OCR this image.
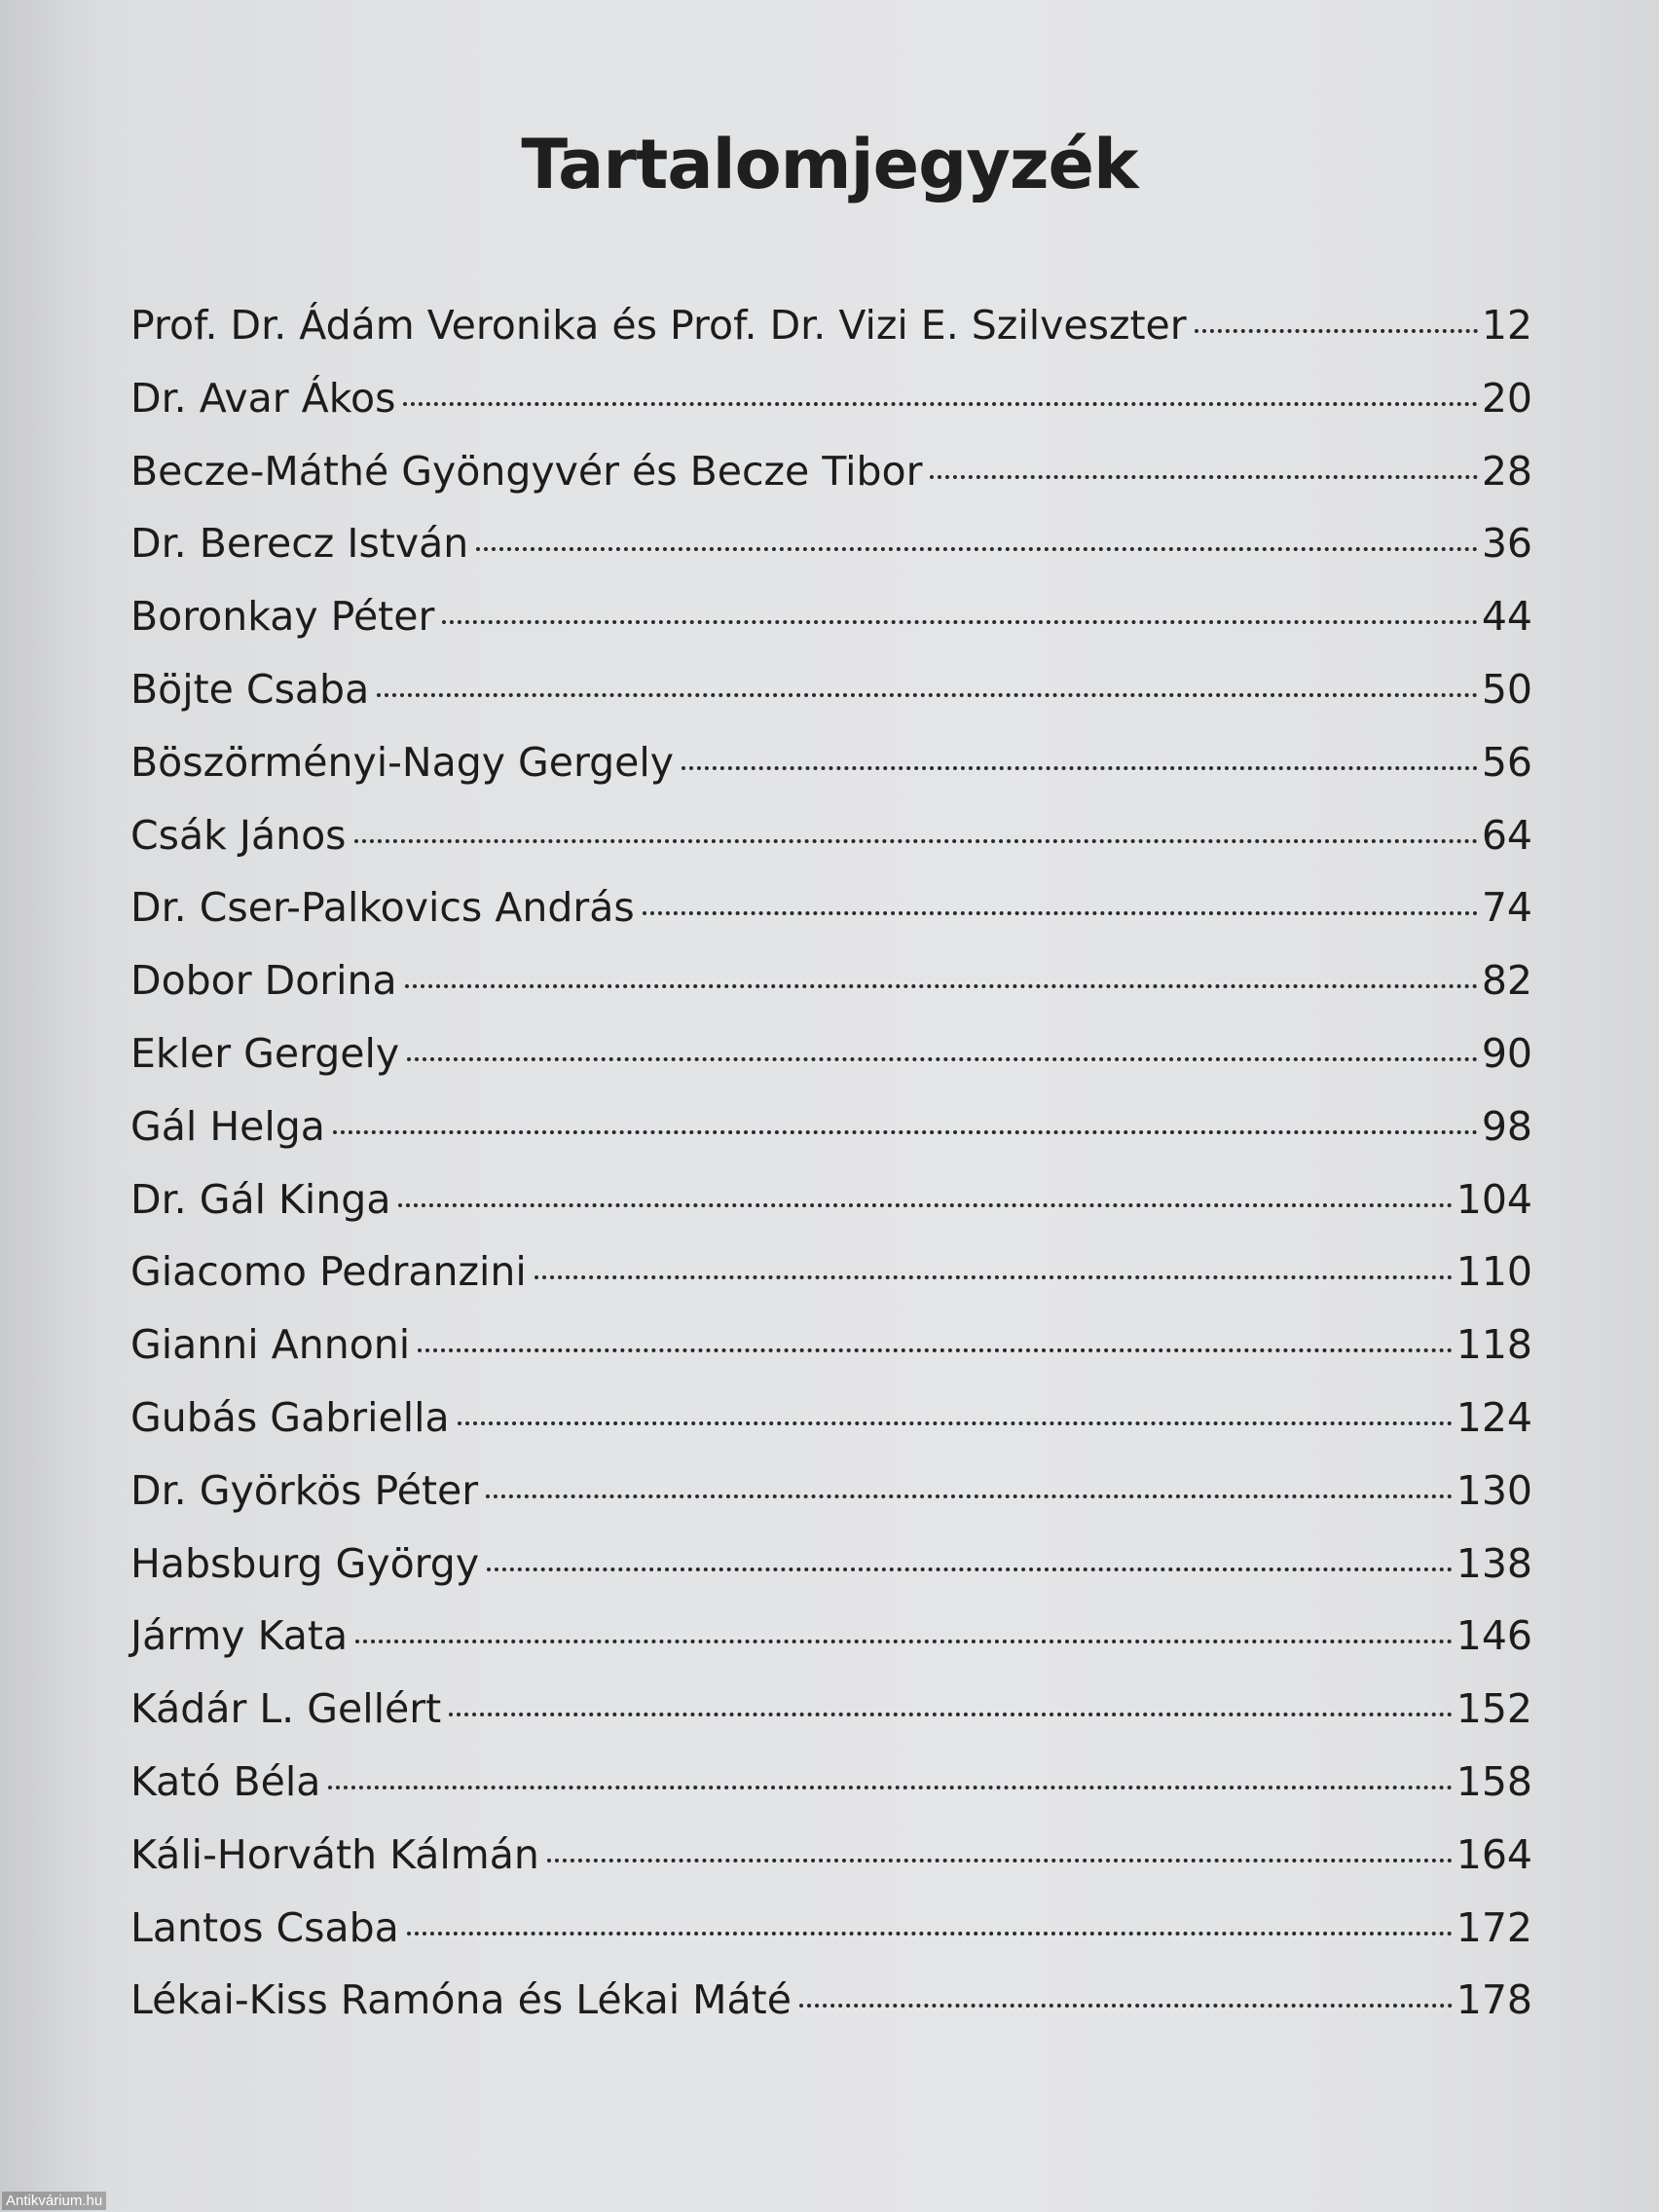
Tartalomjegyzék
Prof. Dr. Ádám Veronika és Prof. Dr. Vizi E. Szilveszter	12
Dr. Avar Ákos	20
Becze-Máthé Gyöngyvér és Becze Tibor	28
Dr. Berecz István	36
Boronkay Péter	44
Böjte Csaba	50
Böszörményi-Nagy Gergely	56
Csák János	64
Dr. Cser-Palkovics András	74
Dobor Dorina	82
Ekler Gergely	90
Gál Helga	98
Dr. Gál Kinga	104
Giacomo Pedranzini	110
Gianni Annoni	118
Gubás Gabriella	124
Dr. Györkös Péter	130
Habsburg György	138
Jármy Kata	146
Kádár L. Gellért	152
Kató Béla	158
Káli-Horváth Kálmán	164
Lantos Csaba	172
Lékai-Kiss Ramóna és Lékai Máté	178
Antikvárium.hu
